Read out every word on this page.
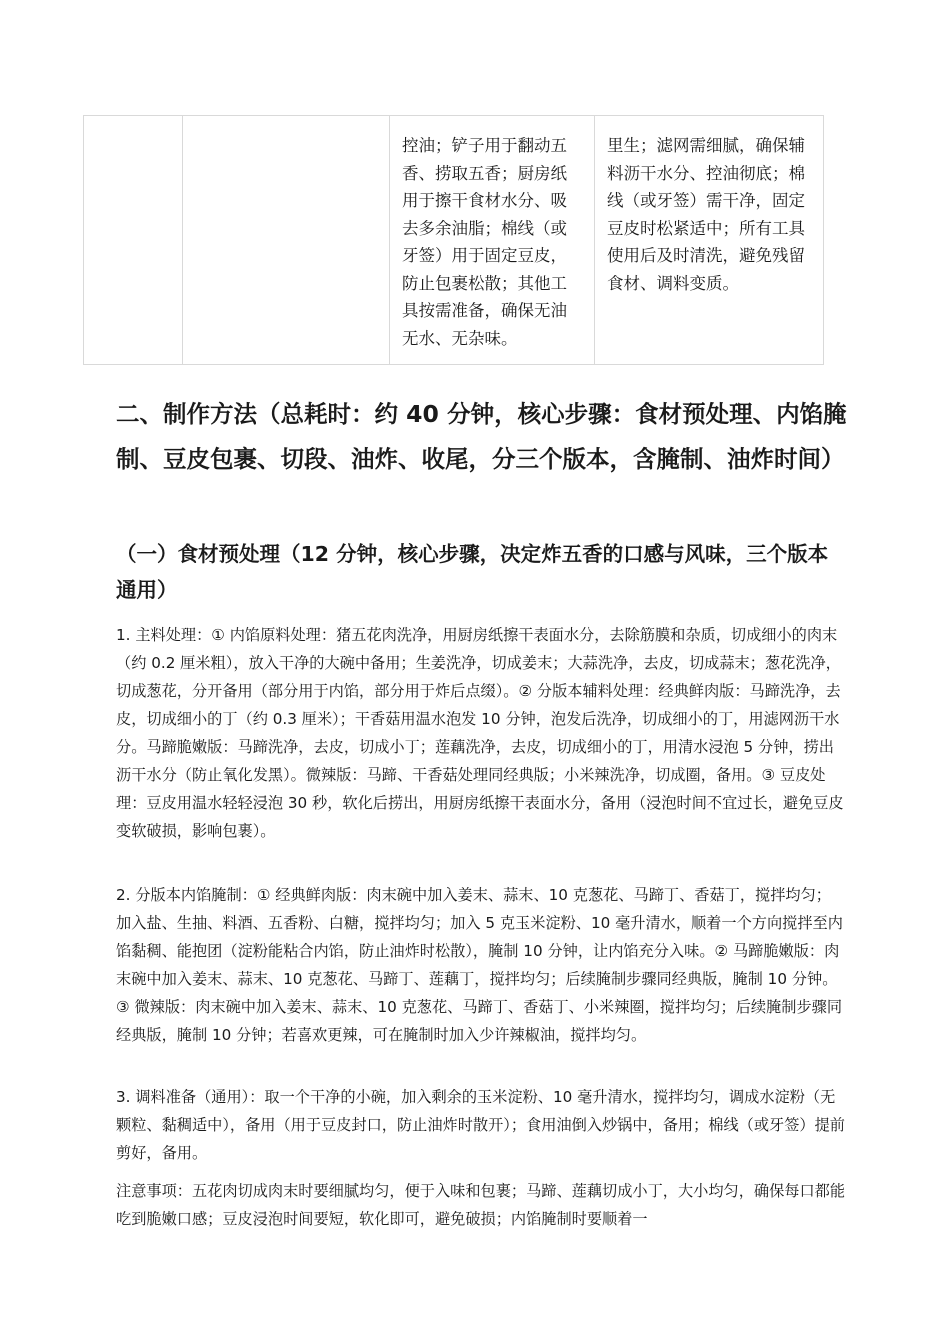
		控油；铲子用于翻动五香、捞取五香；厨房纸用于擦干食材水分、吸去多余油脂；棉线（或牙签）用于固定豆皮，防止包裹松散；其他工具按需准备，确保无油无水、无杂味。	里生；滤网需细腻，确保辅料沥干水分、控油彻底；棉线（或牙签）需干净，固定豆皮时松紧适中；所有工具使用后及时清洗，避免残留食材、调料变质。
二、制作方法（总耗时：约 40 分钟，核心步骤：食材预处理、内馅腌制、豆皮包裹、切段、油炸、收尾，分三个版本，含腌制、油炸时间）
（一）食材预处理（12 分钟，核心步骤，决定炸五香的口感与风味，三个版本通用）

1. 主料处理：① 内馅原料处理：猪五花肉洗净，用厨房纸擦干表面水分，去除筋膜和杂质，切成细小的肉末（约 0.2 厘米粗），放入干净的大碗中备用；生姜洗净，切成姜末；大蒜洗净，去皮，切成蒜末；葱花洗净，切成葱花，分开备用（部分用于内馅，部分用于炸后点缀）。② 分版本辅料处理：经典鲜肉版：马蹄洗净，去皮，切成细小的丁（约 0.3 厘米）；干香菇用温水泡发 10 分钟，泡发后洗净，切成细小的丁，用滤网沥干水分。马蹄脆嫩版：马蹄洗净，去皮，切成小丁；莲藕洗净，去皮，切成细小的丁，用清水浸泡 5 分钟，捞出沥干水分（防止氧化发黑）。微辣版：马蹄、干香菇处理同经典版；小米辣洗净，切成圈，备用。③ 豆皮处理：豆皮用温水轻轻浸泡 30 秒，软化后捞出，用厨房纸擦干表面水分，备用（浸泡时间不宜过长，避免豆皮变软破损，影响包裹）。

2. 分版本内馅腌制：① 经典鲜肉版：肉末碗中加入姜末、蒜末、10 克葱花、马蹄丁、香菇丁，搅拌均匀；加入盐、生抽、料酒、五香粉、白糖，搅拌均匀；加入 5 克玉米淀粉、10 毫升清水，顺着一个方向搅拌至内馅黏稠、能抱团（淀粉能粘合内馅，防止油炸时松散），腌制 10 分钟，让内馅充分入味。② 马蹄脆嫩版：肉末碗中加入姜末、蒜末、10 克葱花、马蹄丁、莲藕丁，搅拌均匀；后续腌制步骤同经典版，腌制 10 分钟。③ 微辣版：肉末碗中加入姜末、蒜末、10 克葱花、马蹄丁、香菇丁、小米辣圈，搅拌均匀；后续腌制步骤同经典版，腌制 10 分钟；若喜欢更辣，可在腌制时加入少许辣椒油，搅拌均匀。

3. 调料准备（通用）：取一个干净的小碗，加入剩余的玉米淀粉、10 毫升清水，搅拌均匀，调成水淀粉（无颗粒、黏稠适中），备用（用于豆皮封口，防止油炸时散开）；食用油倒入炒锅中，备用；棉线（或牙签）提前剪好，备用。

注意事项：五花肉切成肉末时要细腻均匀，便于入味和包裹；马蹄、莲藕切成小丁，大小均匀，确保每口都能吃到脆嫩口感；豆皮浸泡时间要短，软化即可，避免破损；内馅腌制时要顺着一
